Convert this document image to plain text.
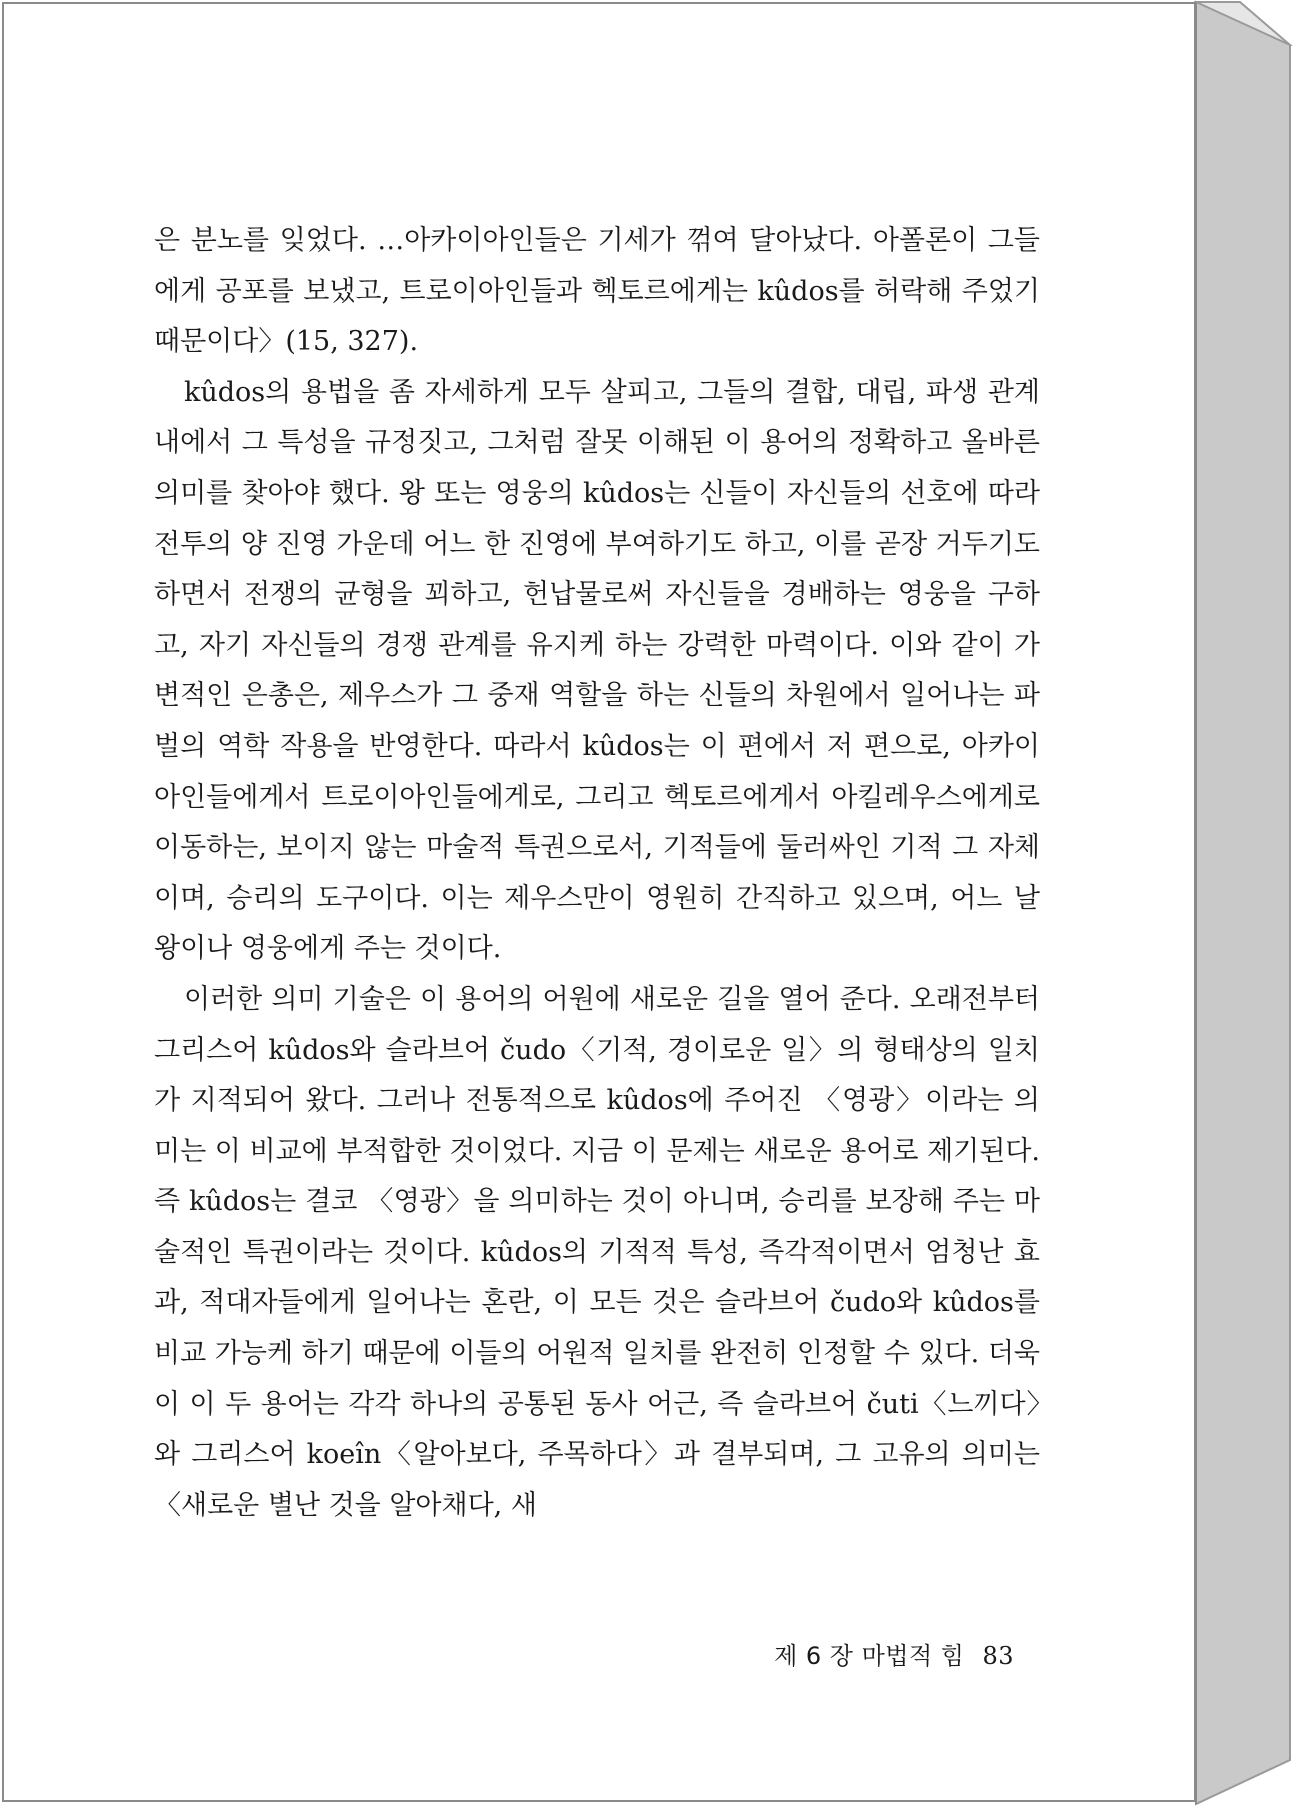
은 분노를 잊었다. …아카이아인들은 기세가 꺾여 달아났다. 아폴론이 그들에게 공포를 보냈고, 트로이아인들과 헥토르에게는 kûdos를 허락해 주었기 때문이다〉(15, 327).

kûdos의 용법을 좀 자세하게 모두 살피고, 그들의 결합, 대립, 파생 관계 내에서 그 특성을 규정짓고, 그처럼 잘못 이해된 이 용어의 정확하고 올바른 의미를 찾아야 했다. 왕 또는 영웅의 kûdos는 신들이 자신들의 선호에 따라 전투의 양 진영 가운데 어느 한 진영에 부여하기도 하고, 이를 곧장 거두기도 하면서 전쟁의 균형을 꾀하고, 헌납물로써 자신들을 경배하는 영웅을 구하고, 자기 자신들의 경쟁 관계를 유지케 하는 강력한 마력이다. 이와 같이 가변적인 은총은, 제우스가 그 중재 역할을 하는 신들의 차원에서 일어나는 파벌의 역학 작용을 반영한다. 따라서 kûdos는 이 편에서 저 편으로, 아카이아인들에게서 트로이아인들에게로, 그리고 헥토르에게서 아킬레우스에게로 이동하는, 보이지 않는 마술적 특권으로서, 기적들에 둘러싸인 기적 그 자체이며, 승리의 도구이다. 이는 제우스만이 영원히 간직하고 있으며, 어느 날 왕이나 영웅에게 주는 것이다.

이러한 의미 기술은 이 용어의 어원에 새로운 길을 열어 준다. 오래전부터 그리스어 kûdos와 슬라브어 čudo〈기적, 경이로운 일〉의 형태상의 일치가 지적되어 왔다. 그러나 전통적으로 kûdos에 주어진 〈영광〉이라는 의미는 이 비교에 부적합한 것이었다. 지금 이 문제는 새로운 용어로 제기된다. 즉 kûdos는 결코 〈영광〉을 의미하는 것이 아니며, 승리를 보장해 주는 마술적인 특권이라는 것이다. kûdos의 기적적 특성, 즉각적이면서 엄청난 효과, 적대자들에게 일어나는 혼란, 이 모든 것은 슬라브어 čudo와 kûdos를 비교 가능케 하기 때문에 이들의 어원적 일치를 완전히 인정할 수 있다. 더욱이 이 두 용어는 각각 하나의 공통된 동사 어근, 즉 슬라브어 čuti〈느끼다〉와 그리스어 koeîn〈알아보다, 주목하다〉과 결부되며, 그 고유의 의미는 〈새로운 별난 것을 알아채다, 새

제 6 장 마법적 힘 83
